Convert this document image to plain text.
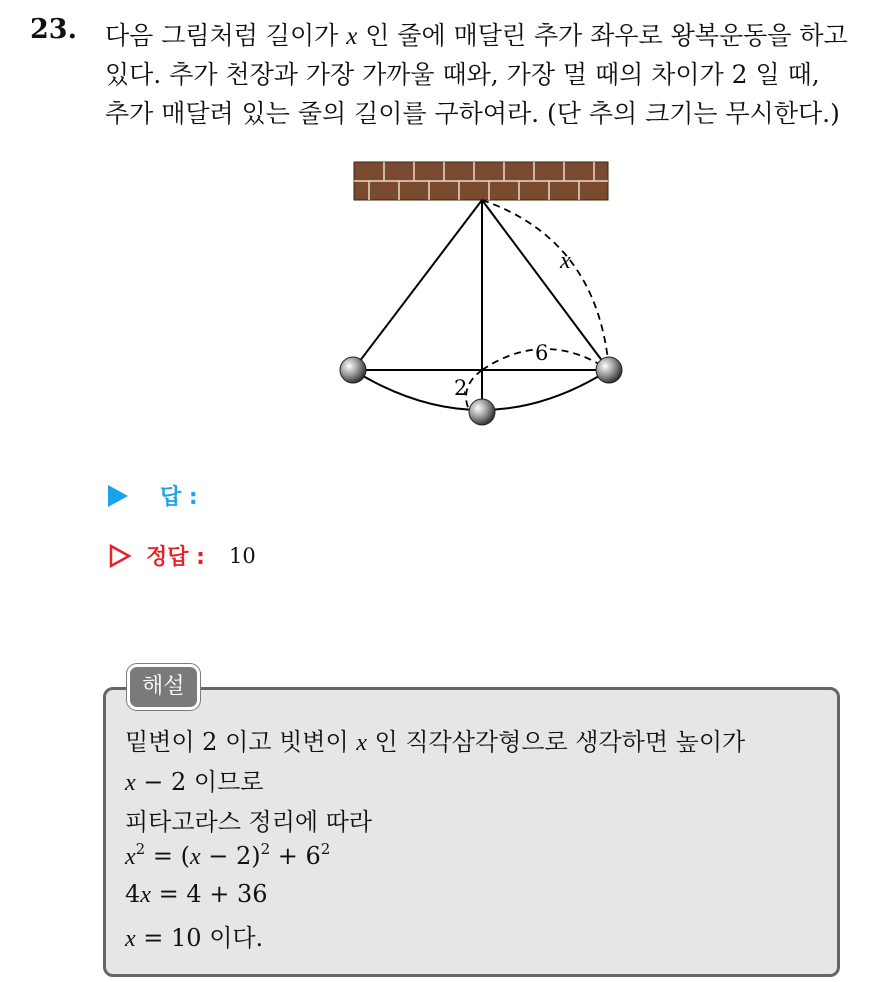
23. 다음 그림처럼 길이가 x 인 줄에 매달린 추가 좌우로 왕복운동을 하고
있다. 추가 천장과 가장 가까울 때와, 가장 멀 때의 차이가 2 일 때,
추가 매달려 있는 줄의 길이를 구하여라. (단 추의 크기는 무시한다.)
x
6
2
답 :
정답 : 10
해설
밑변이 2 이고 빗변이 x 인 직각삼각형으로 생각하면 높이가
x − 2 이므로
피타고라스 정리에 따라
$x^2 = (x - 2)^2 + 6^2$
4x = 4 + 36
x = 10 이다.
